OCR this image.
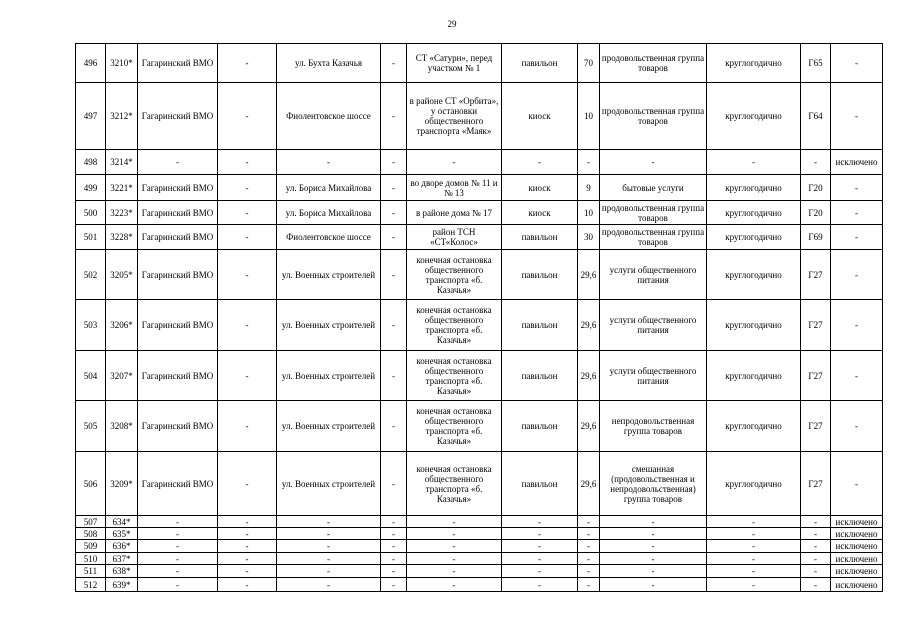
29
496	3210*	Гагаринский ВМО	-	ул. Бухта Казачья	-	СТ «Сатурн», перед участком № 1	павильон	70	продовольственная группа товаров	круглогодично	Г65	-
497	3212*	Гагаринский ВМО	-	Фиолентовское шоссе	-	в районе СТ «Орбита», у остановки общественного транспорта «Маяк»	киоск	10	продовольственная группа товаров	круглогодично	Г64	-
498	3214*	-	-	-	-	-	-	-	-	-	-	исключено
499	3221*	Гагаринский ВМО	-	ул. Бориса Михайлова	-	во дворе домов № 11 и № 13	киоск	9	бытовые услуги	круглогодично	Г20	-
500	3223*	Гагаринский ВМО	-	ул. Бориса Михайлова	-	в районе дома № 17	киоск	10	продовольственная группа товаров	круглогодично	Г20	-
501	3228*	Гагаринский ВМО	-	Фиолентовское шоссе	-	район ТСН «СТ«Колос»	павильон	30	продовольственная группа товаров	круглогодично	Г69	-
502	3205*	Гагаринский ВМО	-	ул. Военных строителей	-	конечная остановка общественного транспорта «б. Казачья»	павильон	29,6	услуги общественного питания	круглогодично	Г27	-
503	3206*	Гагаринский ВМО	-	ул. Военных строителей	-	конечная остановка общественного транспорта «б. Казачья»	павильон	29,6	услуги общественного питания	круглогодично	Г27	-
504	3207*	Гагаринский ВМО	-	ул. Военных строителей	-	конечная остановка общественного транспорта «б. Казачья»	павильон	29,6	услуги общественного питания	круглогодично	Г27	-
505	3208*	Гагаринский ВМО	-	ул. Военных строителей	-	конечная остановка общественного транспорта «б. Казачья»	павильон	29,6	непродовольственная группа товаров	круглогодично	Г27	-
506	3209*	Гагаринский ВМО	-	ул. Военных строителей	-	конечная остановка общественного транспорта «б. Казачья»	павильон	29,6	смешанная (продовольственная и непродовольственная) группа товаров	круглогодично	Г27	-
507	634*	-	-	-	-	-	-	-	-	-	-	исключено
508	635*	-	-	-	-	-	-	-	-	-	-	исключено
509	636*	-	-	-	-	-	-	-	-	-	-	исключено
510	637*	-	-	-	-	-	-	-	-	-	-	исключено
511	638*	-	-	-	-	-	-	-	-	-	-	исключено
512	639*	-	-	-	-	-	-	-	-	-	-	исключено
